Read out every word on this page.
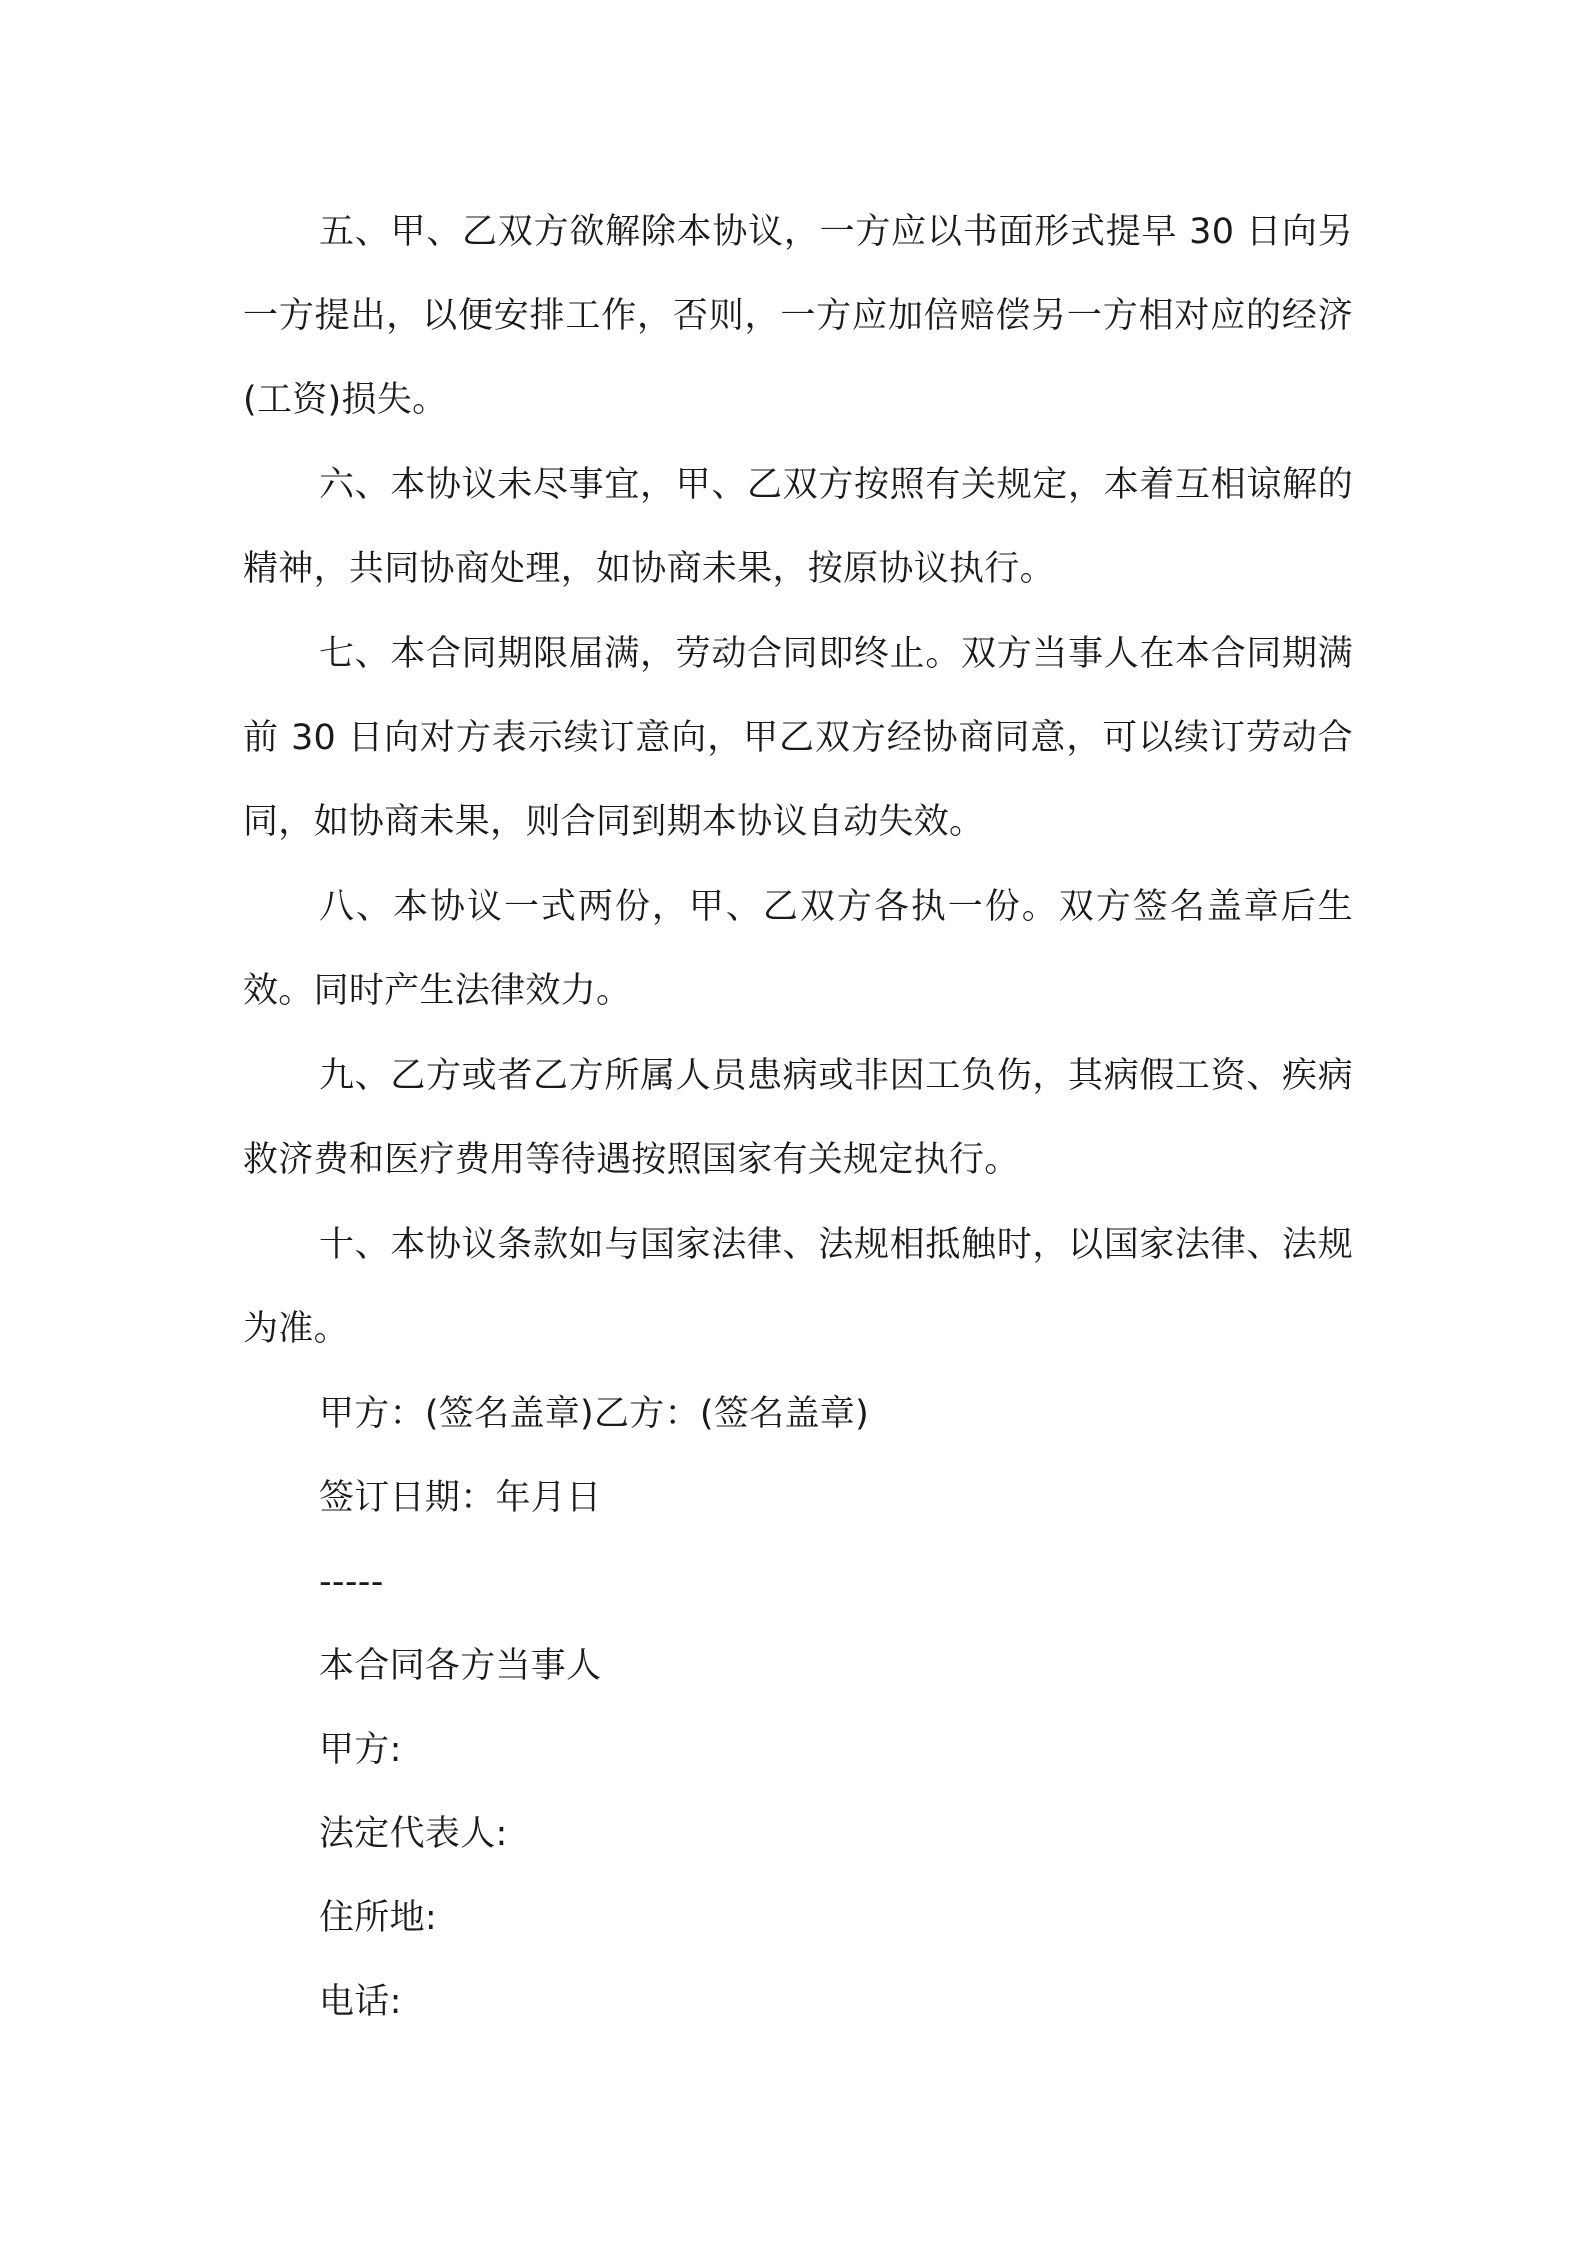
五、甲、乙双方欲解除本协议，一方应以书面形式提早 30 日向另一方提出，以便安排工作，否则，一方应加倍赔偿另一方相对应的经济(工资)损失。

六、本协议未尽事宜，甲、乙双方按照有关规定，本着互相谅解的精神，共同协商处理，如协商未果，按原协议执行。

七、本合同期限届满，劳动合同即终止。双方当事人在本合同期满前 30 日向对方表示续订意向，甲乙双方经协商同意，可以续订劳动合同，如协商未果，则合同到期本协议自动失效。

八、本协议一式两份，甲、乙双方各执一份。双方签名盖章后生效。同时产生法律效力。

九、乙方或者乙方所属人员患病或非因工负伤，其病假工资、疾病救济费和医疗费用等待遇按照国家有关规定执行。

十、本协议条款如与国家法律、法规相抵触时，以国家法律、法规为准。

甲方：(签名盖章)乙方：(签名盖章)
签订日期：年月日
-----
本合同各方当事人
甲方:
法定代表人:
住所地:
电话:
